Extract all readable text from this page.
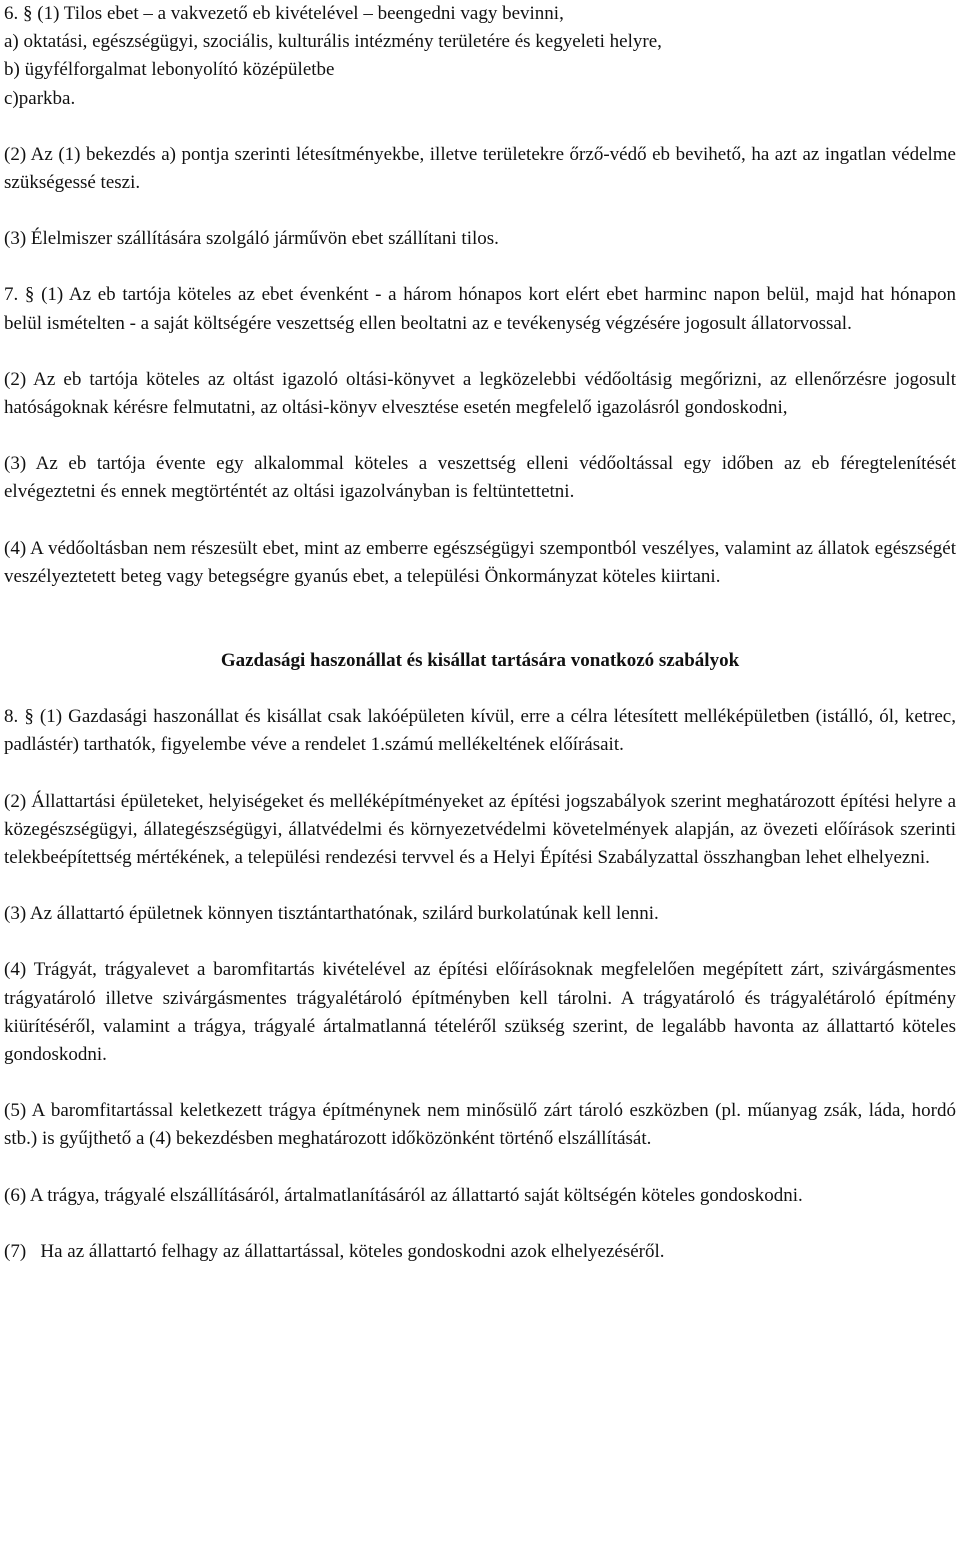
6. § (1) Tilos ebet – a vakvezető eb kivételével – beengedni vagy bevinni,
a) oktatási, egészségügyi, szociális, kulturális intézmény területére és kegyeleti helyre,
b) ügyfélforgalmat lebonyolító középületbe
c)parkba.

(2) Az (1) bekezdés a) pontja szerinti létesítményekbe, illetve területekre őrző-védő eb bevihető, ha azt az ingatlan védelme szükségessé teszi.

(3) Élelmiszer szállítására szolgáló járművön ebet szállítani tilos.

7. § (1) Az eb tartója köteles az ebet évenként - a három hónapos kort elért ebet harminc napon belül, majd hat hónapon belül ismételten - a saját költségére veszettség ellen beoltatni az e tevékenység végzésére jogosult állatorvossal.

(2) Az eb tartója köteles az oltást igazoló oltási-könyvet a legközelebbi védőoltásig megőrizni, az ellenőrzésre jogosult hatóságoknak kérésre felmutatni, az oltási-könyv elvesztése esetén megfelelő igazolásról gondoskodni,

(3) Az eb tartója évente egy alkalommal köteles a veszettség elleni védőoltással egy időben az eb féregtelenítését elvégeztetni és ennek megtörténtét az oltási igazolványban is feltüntettetni.

(4) A védőoltásban nem részesült ebet, mint az emberre egészségügyi szempontból veszélyes, valamint az állatok egészségét veszélyeztetett beteg vagy betegségre gyanús ebet, a települési Önkormányzat köteles kiirtani.

Gazdasági haszonállat és kisállat tartására vonatkozó szabályok

8. § (1) Gazdasági haszonállat és kisállat csak lakóépületen kívül, erre a célra létesített melléképületben (istálló, ól, ketrec, padlástér) tarthatók, figyelembe véve a rendelet 1.számú mellékeltének előírásait.

(2) Állattartási épületeket, helyiségeket és melléképítményeket az építési jogszabályok szerint meghatározott építési helyre a közegészségügyi, állategészségügyi, állatvédelmi és környezetvédelmi követelmények alapján, az övezeti előírások szerinti telekbeépítettség mértékének, a települési rendezési tervvel és a Helyi Építési Szabályzattal összhangban lehet elhelyezni.

(3) Az állattartó épületnek könnyen tisztántarthatónak, szilárd burkolatúnak kell lenni.

(4) Trágyát, trágyalevet a baromfitartás kivételével az építési előírásoknak megfelelően megépített zárt, szivárgásmentes trágyatároló illetve szivárgásmentes trágyalétároló építményben kell tárolni. A trágyatároló és trágyalétároló építmény kiürítéséről, valamint a trágya, trágyalé ártalmatlanná tételéről szükség szerint, de legalább havonta az állattartó köteles gondoskodni.

(5) A baromfitartással keletkezett trágya építménynek nem minősülő zárt tároló eszközben (pl. műanyag zsák, láda, hordó stb.) is gyűjthető a (4) bekezdésben meghatározott időközönként történő elszállítását.

(6) A trágya, trágyalé elszállításáról, ártalmatlanításáról az állattartó saját költségén köteles gondoskodni.

(7)   Ha az állattartó felhagy az állattartással, köteles gondoskodni azok elhelyezéséről.
